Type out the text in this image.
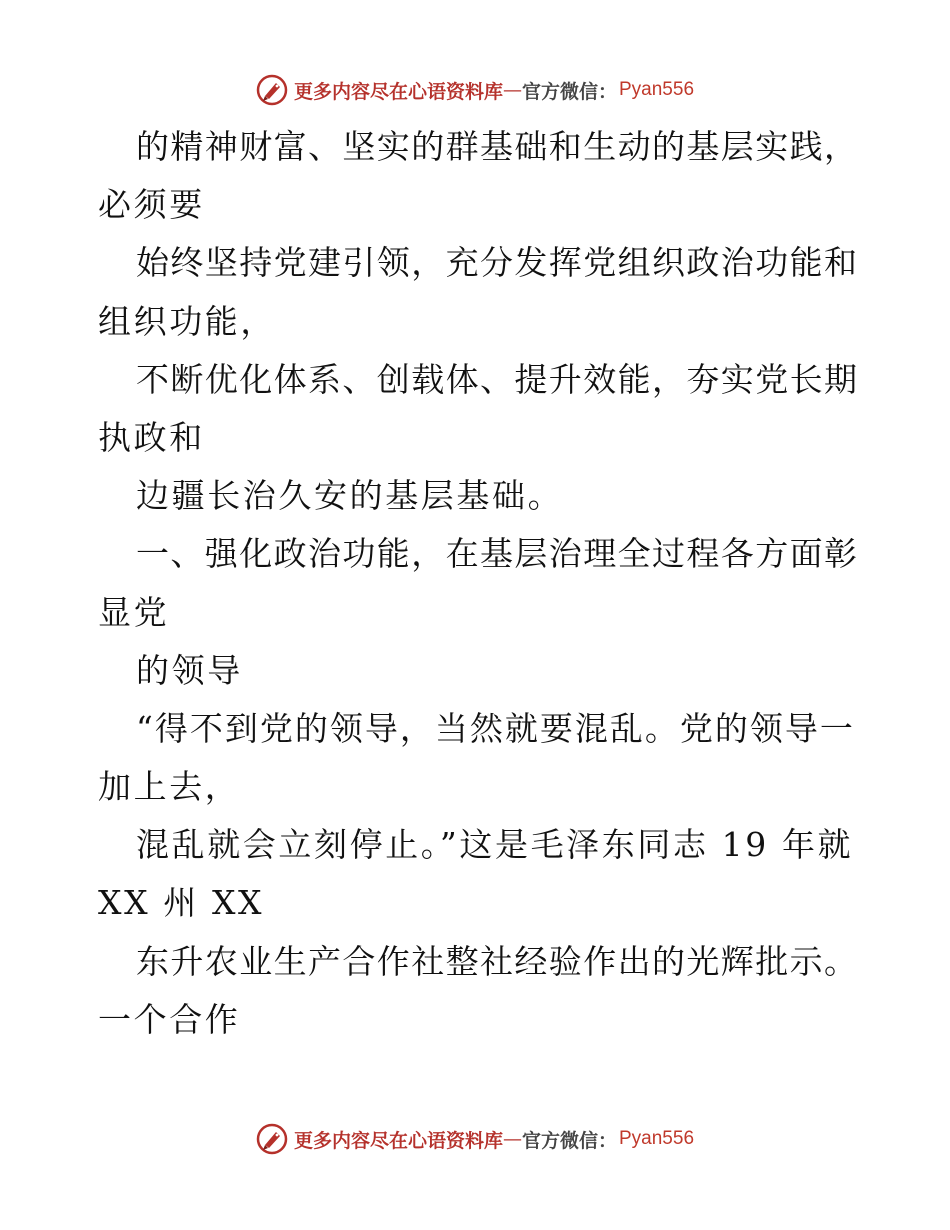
更多内容尽在心语资料库 — 官方微信： Pyan556
的精神财富、坚实的群基础和生动的基层实践，
必须要
始终坚持党建引领，充分发挥党组织政治功能和
组织功能，
不断优化体系、创载体、提升效能，夯实党长期
执政和
边疆长治久安的基层基础。
一、强化政治功能，在基层治理全过程各方面彰
显党
的领导
“得不到党的领导，当然就要混乱。党的领导一
加上去，
混乱就会立刻停止。”这是毛泽东同志 19 年就
XX 州 XX
东升农业生产合作社整社经验作出的光辉批示。
一个合作
更多内容尽在心语资料库 — 官方微信： Pyan556
